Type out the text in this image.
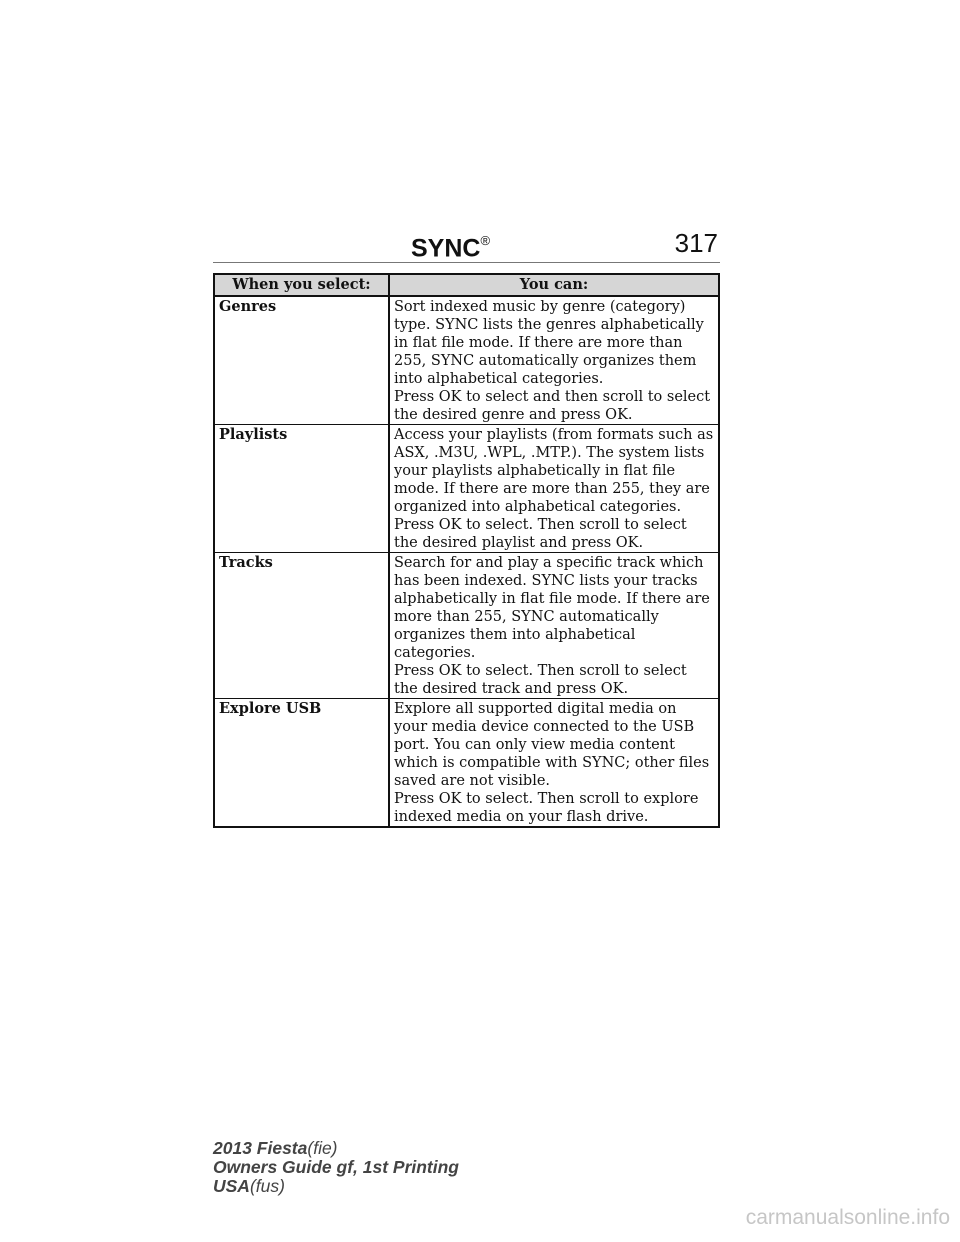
SYNC®	317
When you select:	You can:
Genres	Sort indexed music by genre (category) type. SYNC lists the genres alphabetically in flat file mode. If there are more than 255, SYNC automatically organizes them into alphabetical categories.

Press OK to select and then scroll to select the desired genre and press OK.

Playlists	Access your playlists (from formats such as ASX, .M3U, .WPL, .MTP.). The system lists your playlists alphabetically in flat file mode. If there are more than 255, they are organized into alphabetical categories.

Press OK to select. Then scroll to select the desired playlist and press OK.

Tracks	Search for and play a specific track which has been indexed. SYNC lists your tracks alphabetically in flat file mode. If there are more than 255, SYNC automatically organizes them into alphabetical categories.

Press OK to select. Then scroll to select the desired track and press OK.

Explore USB	Explore all supported digital media on your media device connected to the USB port. You can only view media content which is compatible with SYNC; other files saved are not visible.

Press OK to select. Then scroll to explore indexed media on your flash drive.

2013 Fiesta(fie)
Owners Guide gf, 1st Printing
USA(fus)
carmanualsonline.info
